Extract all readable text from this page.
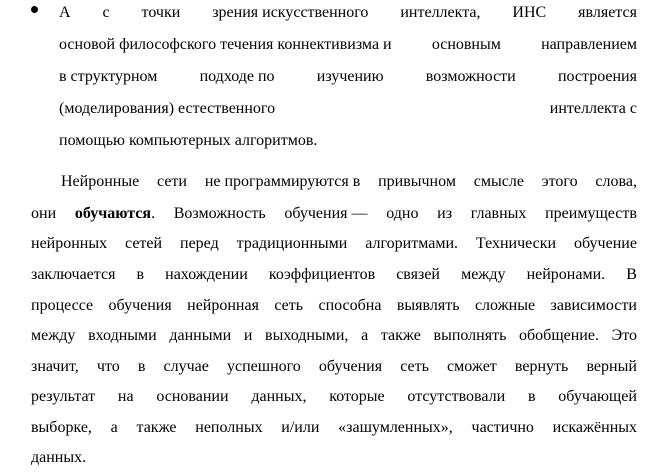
А с точки зрения искусственного интеллекта, ИНС является
основой философского течения коннективизма и	основным	направлением
в структурном	подходе по	изучению	возможности	построения
(моделирования) естественного	интеллекта с
помощью компьютерных алгоритмов.
Нейронные сети не программируются в привычном смысле этого слова,
они обучаются. Возможность обучения — одно из главных преимуществ
нейронных сетей перед традиционными алгоритмами. Технически обучение
заключается в нахождении коэффициентов связей между нейронами. В
процессе обучения нейронная сеть способна выявлять сложные зависимости
между входными данными и выходными, а также выполнять обобщение. Это
значит, что в случае успешного обучения сеть сможет вернуть верный
результат на основании данных, которые отсутствовали в обучающей
выборке, а также неполных и/или «зашумленных», частично искажённых
данных.
